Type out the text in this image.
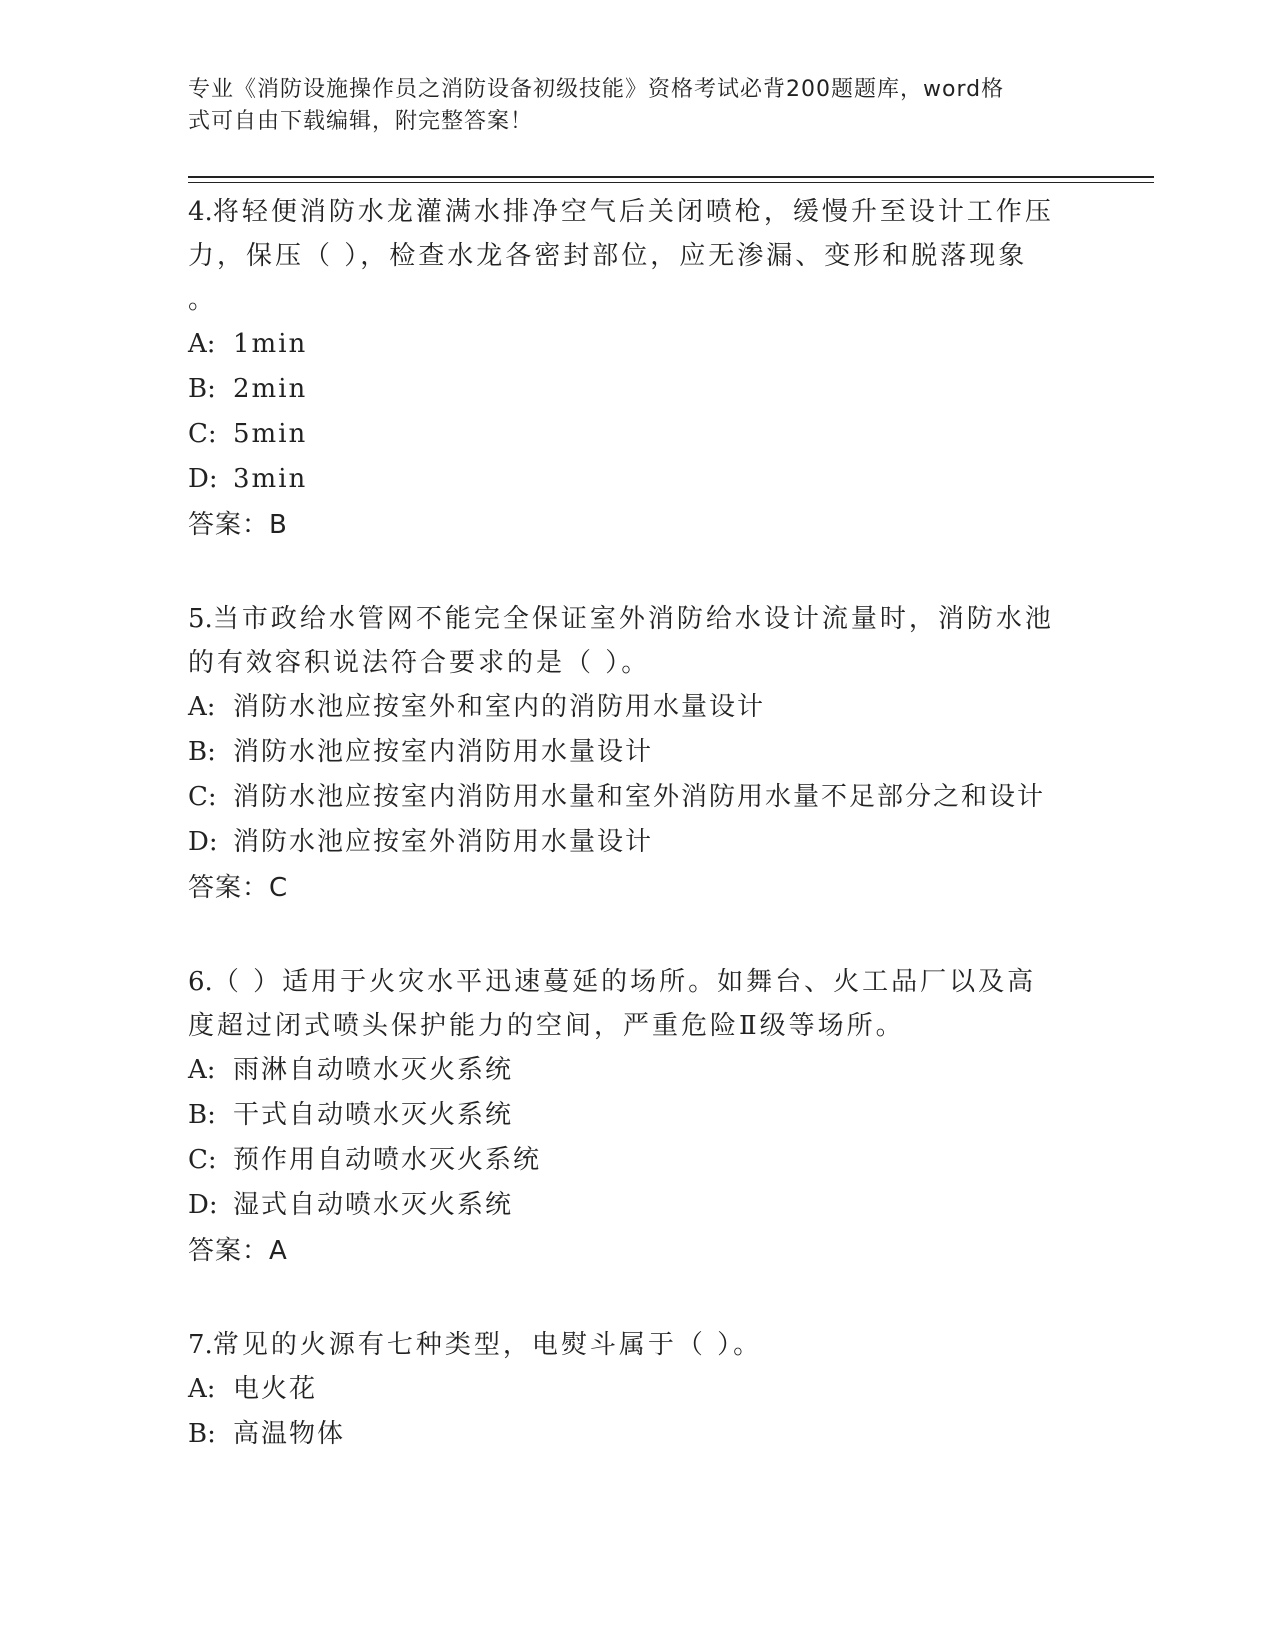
专业《消防设施操作员之消防设备初级技能》资格考试必背200题题库，word格
式可自由下载编辑，附完整答案！

4.将轻便消防水龙灌满水排净空气后关闭喷枪，缓慢升至设计工作压

力，保压（ ），检查水龙各密封部位，应无渗漏、变形和脱落现象

。

A: 1min

B: 2min

C: 5min

D: 3min

答案：B

5.当市政给水管网不能完全保证室外消防给水设计流量时，消防水池

的有效容积说法符合要求的是（ ）。

A: 消防水池应按室外和室内的消防用水量设计

B: 消防水池应按室内消防用水量设计

C: 消防水池应按室内消防用水量和室外消防用水量不足部分之和设计

D: 消防水池应按室外消防用水量设计

答案：C

6.（ ）适用于火灾水平迅速蔓延的场所。如舞台、火工品厂以及高

度超过闭式喷头保护能力的空间，严重危险Ⅱ级等场所。

A: 雨淋自动喷水灭火系统

B: 干式自动喷水灭火系统

C: 预作用自动喷水灭火系统

D: 湿式自动喷水灭火系统

答案：A

7.常见的火源有七种类型，电熨斗属于（ ）。

A: 电火花

B: 高温物体
